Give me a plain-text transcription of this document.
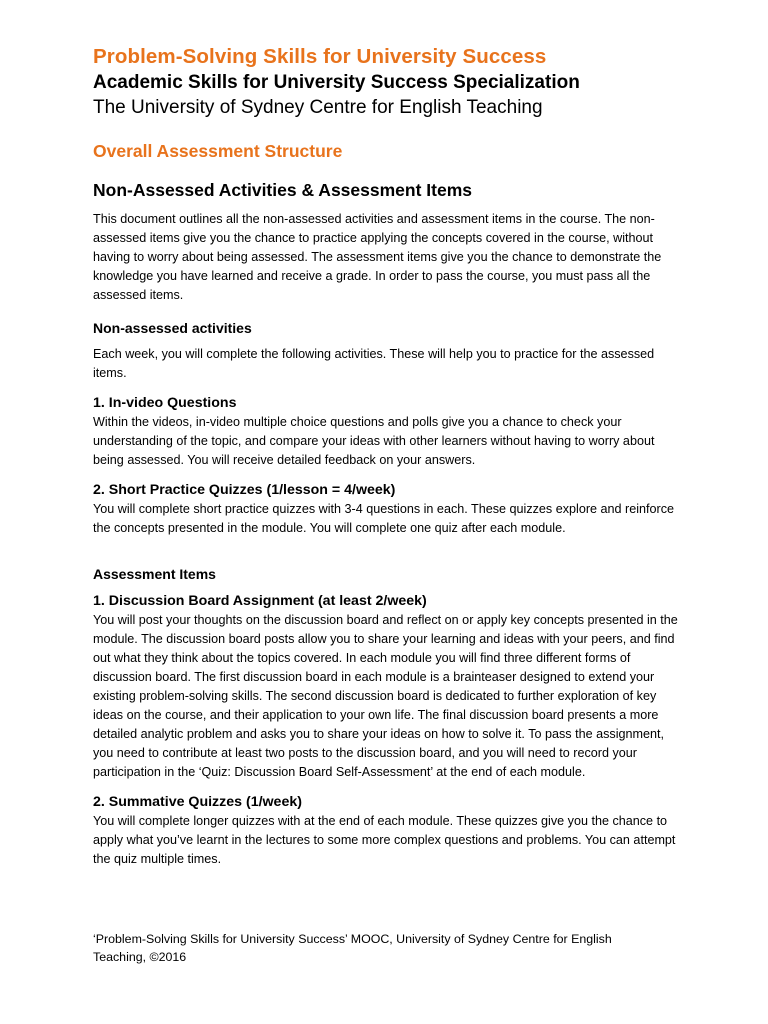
Problem-Solving Skills for University Success
Academic Skills for University Success Specialization

The University of Sydney Centre for English Teaching

Overall Assessment Structure
Non-Assessed Activities & Assessment Items

This document outlines all the non-assessed activities and assessment items in the course. The non-assessed items give you the chance to practice applying the concepts covered in the course, without having to worry about being assessed. The assessment items give you the chance to demonstrate the knowledge you have learned and receive a grade. In order to pass the course, you must pass all the assessed items.

Non-assessed activities

Each week, you will complete the following activities. These will help you to practice for the assessed items.

1. In-video Questions

Within the videos, in-video multiple choice questions and polls give you a chance to check your understanding of the topic, and compare your ideas with other learners without having to worry about being assessed. You will receive detailed feedback on your answers.

2. Short Practice Quizzes (1/lesson = 4/week)

You will complete short practice quizzes with 3-4 questions in each. These quizzes explore and reinforce the concepts presented in the module. You will complete one quiz after each module.

Assessment Items
1. Discussion Board Assignment (at least 2/week)

You will post your thoughts on the discussion board and reflect on or apply key concepts presented in the module. The discussion board posts allow you to share your learning and ideas with your peers, and find out what they think about the topics covered. In each module you will find three different forms of discussion board. The first discussion board in each module is a brainteaser designed to extend your existing problem-solving skills. The second discussion board is dedicated to further exploration of key ideas on the course, and their application to your own life. The final discussion board presents a more detailed analytic problem and asks you to share your ideas on how to solve it. To pass the assignment, you need to contribute at least two posts to the discussion board, and you will need to record your participation in the ‘Quiz: Discussion Board Self-Assessment’ at the end of each module.

2. Summative Quizzes (1/week)

You will complete longer quizzes with at the end of each module. These quizzes give you the chance to apply what you’ve learnt in the lectures to some more complex questions and problems. You can attempt the quiz multiple times.

‘Problem-Solving Skills for University Success’ MOOC, University of Sydney Centre for English Teaching, ©2016
